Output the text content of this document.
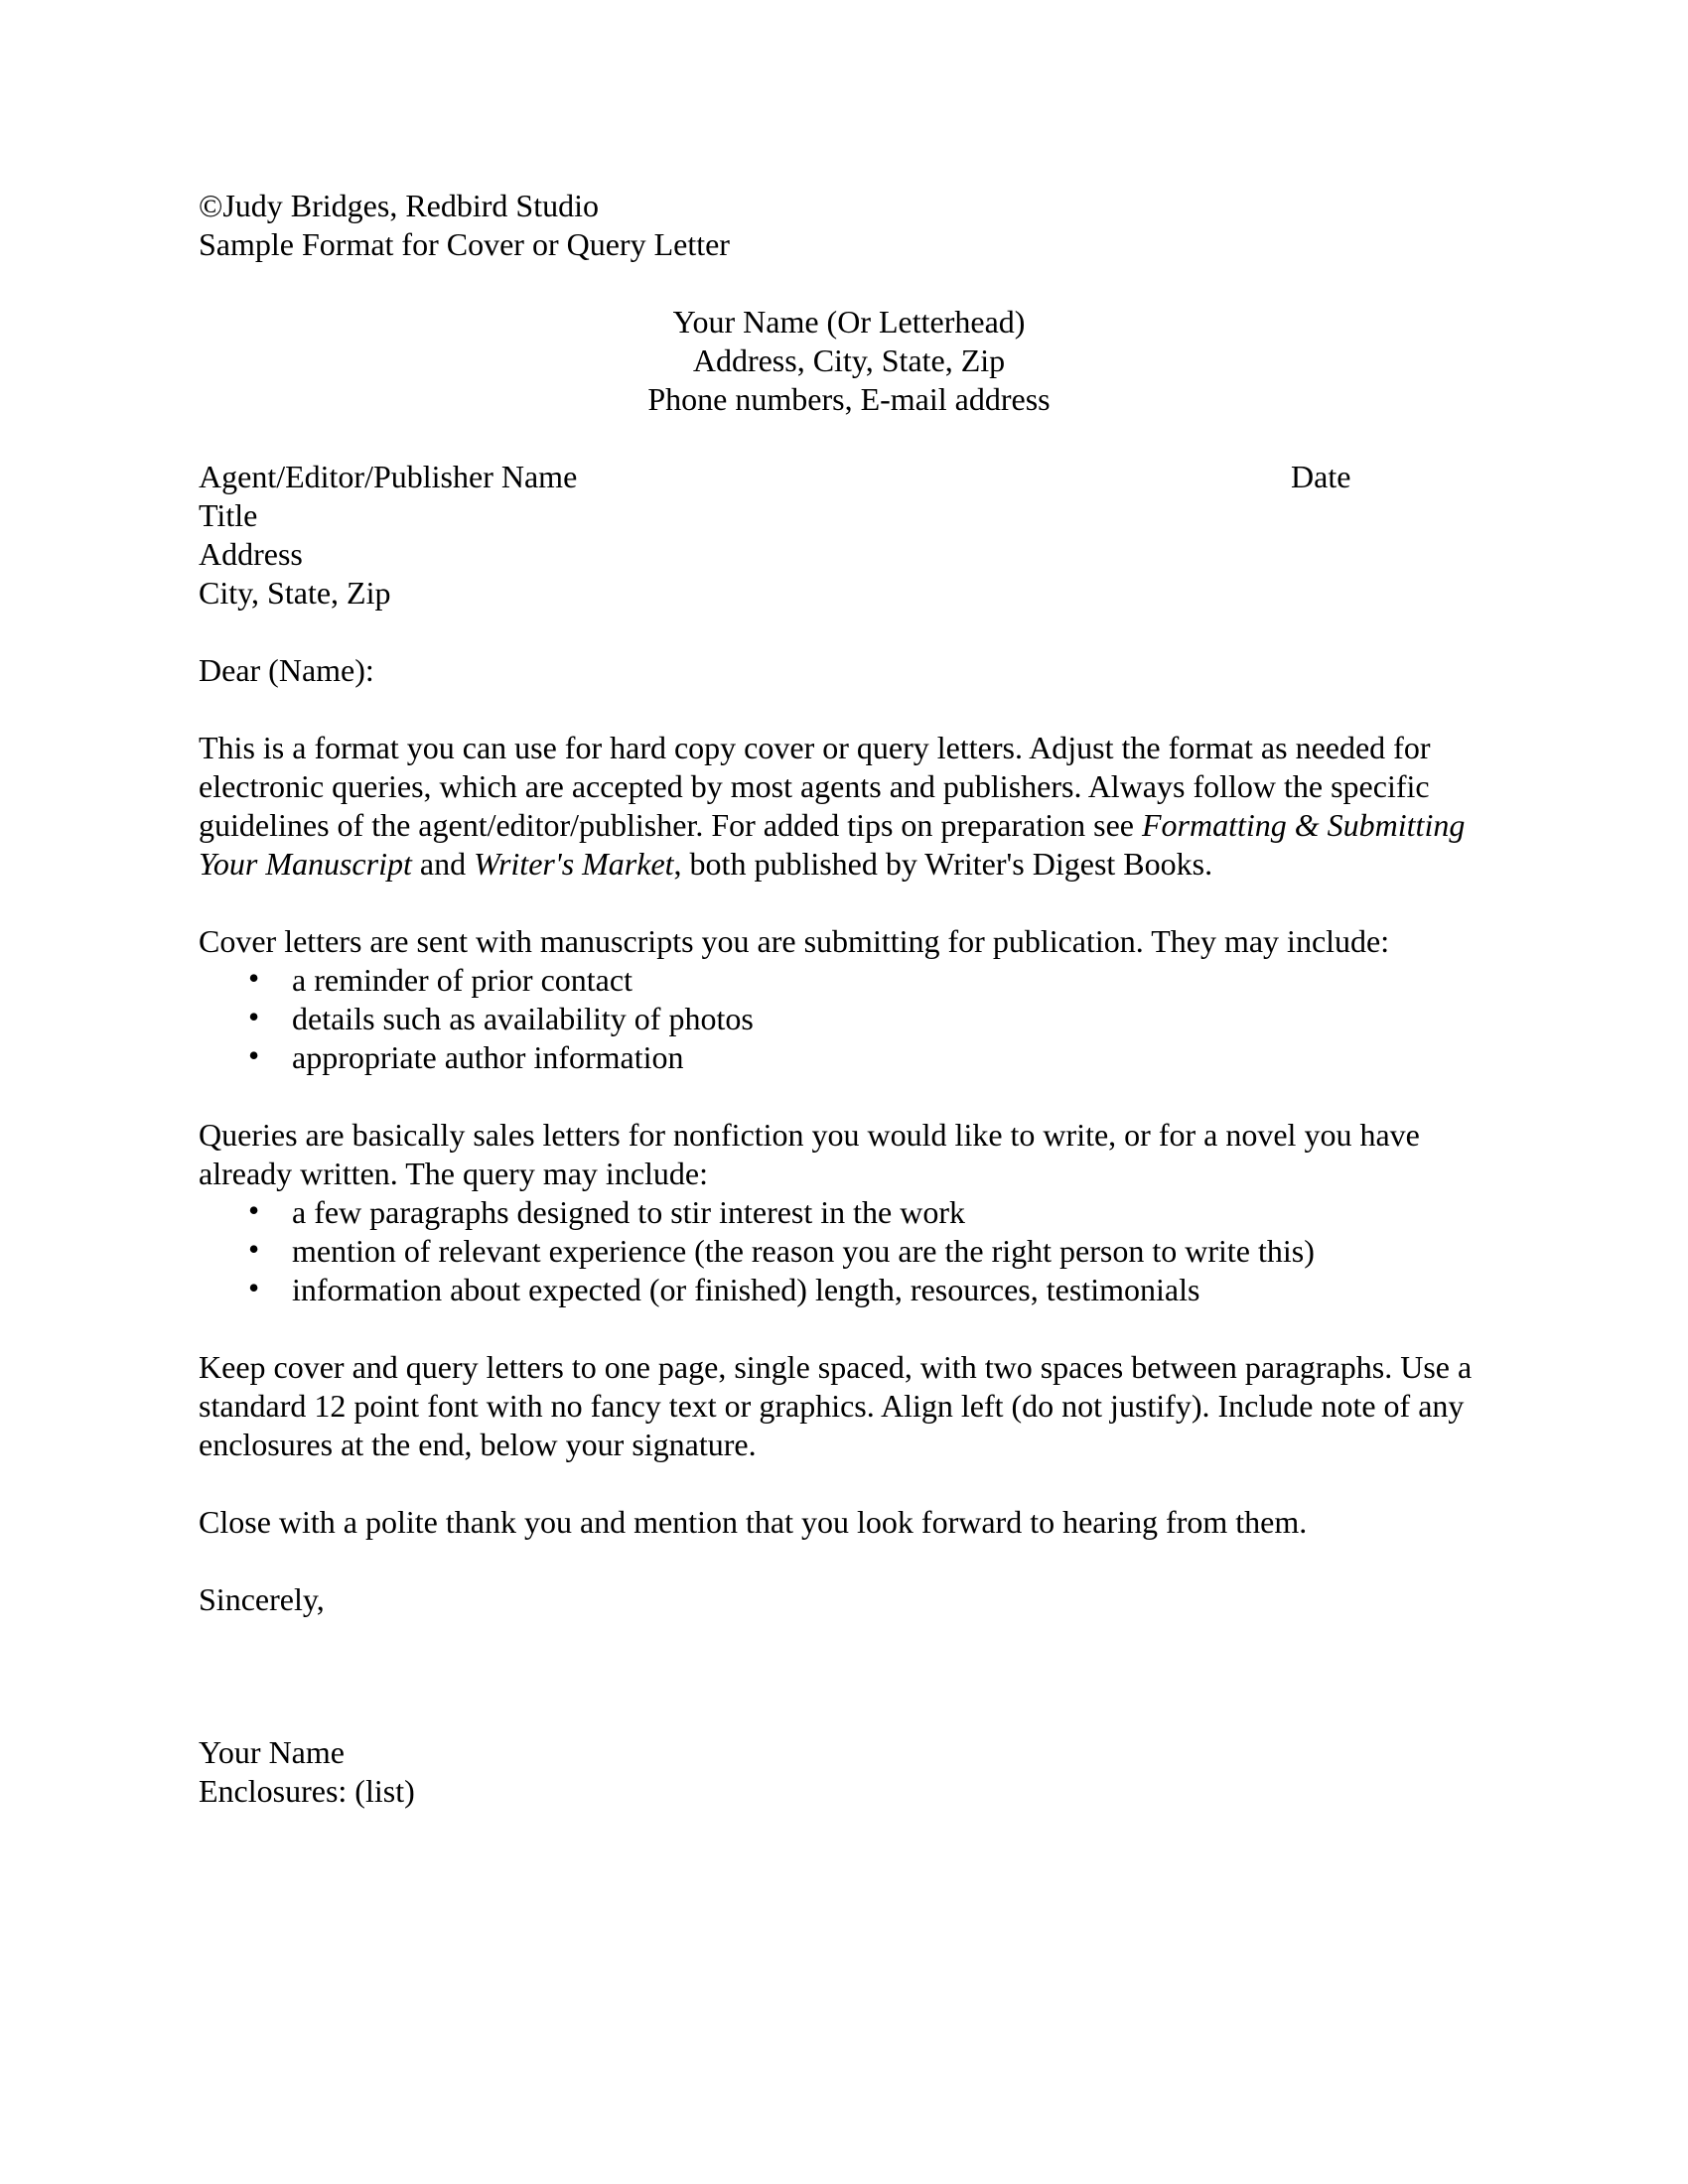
©Judy Bridges, Redbird Studio
Sample Format for Cover or Query Letter
Your Name (Or Letterhead)
Address, City, State, Zip
Phone numbers, E-mail address
Agent/Editor/Publisher Name	Date
Title
Address
City, State, Zip
Dear (Name):
This is a format you can use for hard copy cover or query letters. Adjust the format as needed for electronic queries, which are accepted by most agents and publishers. Always follow the specific guidelines of the agent/editor/publisher. For added tips on preparation see Formatting & Submitting Your Manuscript and Writer's Market, both published by Writer's Digest Books.
Cover letters are sent with manuscripts you are submitting for publication. They may include:
• a reminder of prior contact
• details such as availability of photos
• appropriate author information
Queries are basically sales letters for nonfiction you would like to write, or for a novel you have already written. The query may include:
• a few paragraphs designed to stir interest in the work
• mention of relevant experience (the reason you are the right person to write this)
• information about expected (or finished) length, resources, testimonials
Keep cover and query letters to one page, single spaced, with two spaces between paragraphs. Use a standard 12 point font with no fancy text or graphics. Align left (do not justify). Include note of any enclosures at the end, below your signature.
Close with a polite thank you and mention that you look forward to hearing from them.
Sincerely,
Your Name
Enclosures: (list)
